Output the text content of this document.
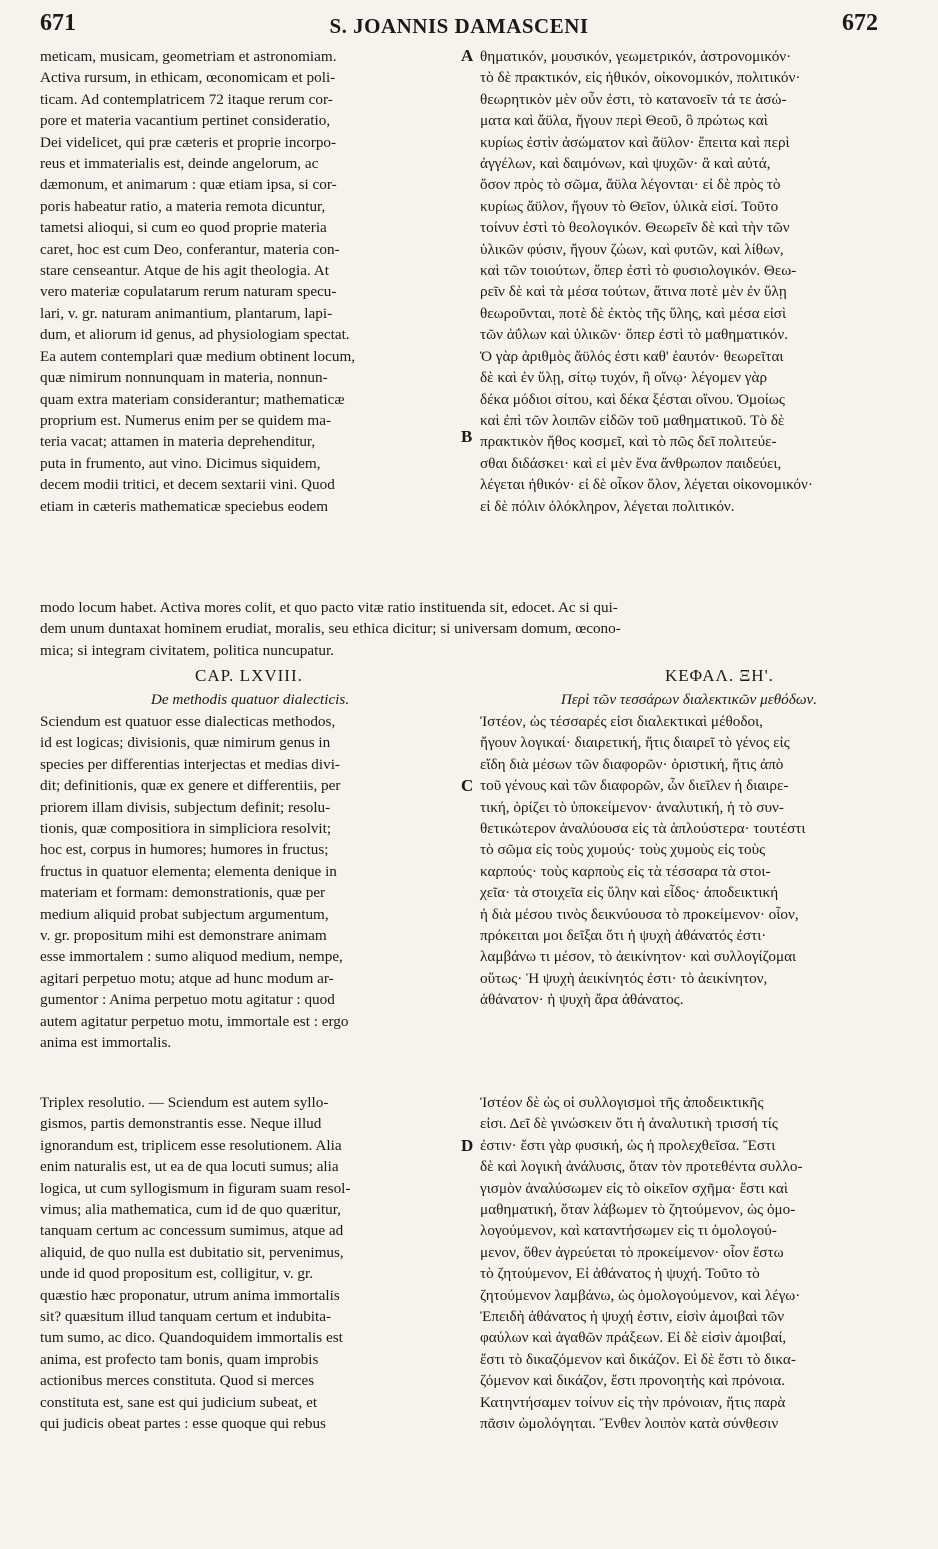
671	S. JOANNIS DAMASCENI	672
meticam, musicam, geometriam et astronomiam.
Activa rursum, in ethicam, œconomicam et poli-
ticam. Ad contemplatricem 72 itaque rerum cor-
pore et materia vacantium pertinet consideratio,
Dei videlicet, qui præ cæteris et proprie incorpo-
reus et immaterialis est, deinde angelorum, ac
dæmonum, et animarum : quæ etiam ipsa, si cor-
poris habeatur ratio, a materia remota dicuntur,
tametsi alioqui, si cum eo quod proprie materia
caret, hoc est cum Deo, conferantur, materia con-
stare censeantur. Atque de his agit theologia. At
vero materiæ copulatarum rerum naturam specu-
lari, v. gr. naturam animantium, plantarum, lapi-
dum, et aliorum id genus, ad physiologiam spectat.
Ea autem contemplari quæ medium obtinent locum,
quæ nimirum nonnunquam in materia, nonnun-
quam extra materiam considerantur; mathematicæ
proprium est. Numerus enim per se quidem ma-
teria vacat; attamen in materia deprehenditur,
puta in frumento, aut vino. Dicimus siquidem,
decem modii tritici, et decem sextarii vini. Quod
etiam in cæteris mathematicæ speciebus eodem
A θηματικόν, μουσικόν, γεωμετρικόν, ἀστρονομικόν·
τὸ δὲ πρακτικόν, εἰς ἠθικόν, οἰκονομικόν, πολιτικόν·
θεωρητικὸν μὲν οὖν ἐστι, τὸ κατανοεῖν τά τε ἀσώ-
ματα καὶ ἄϋλα, ἤγουν περὶ Θεοῦ, ὃ πρώτως καὶ
κυρίως ἐστὶν ἀσώματον καὶ ἄϋλον· ἔπειτα καὶ περὶ
ἀγγέλων, καὶ δαιμόνων, καὶ ψυχῶν· ἃ καὶ αὐτά,
ὅσον πρὸς τὸ σῶμα, ἄϋλα λέγονται· εἰ δὲ πρὸς τὸ
κυρίως ἄϋλον, ἤγουν τὸ Θεῖον, ὑλικὰ εἰσί. Τοῦτο
τοίνυν ἐστὶ τὸ θεολογικόν. Θεωρεῖν δὲ καὶ τὴν τῶν
ὑλικῶν φύσιν, ἤγουν ζώων, καὶ φυτῶν, καὶ λίθων,
καὶ τῶν τοιούτων, ὅπερ ἐστὶ τὸ φυσιολογικόν. Θεω-
ρεῖν δὲ καὶ τὰ μέσα τούτων, ἅτινα ποτὲ μὲν ἐν ὕλῃ
θεωροῦνται, ποτὲ δὲ ἐκτὸς τῆς ὕλης, καὶ μέσα εἰσὶ
τῶν ἀΰλων καὶ ὑλικῶν· ὅπερ ἐστὶ τὸ μαθηματικόν.
Ὁ γὰρ ἀριθμὸς ἄϋλός ἐστι καθ' ἑαυτόν· θεωρεῖται
δὲ καὶ ἐν ὕλῃ, σίτῳ τυχόν, ἢ οἴνῳ· λέγομεν γὰρ
δέκα μόδιοι σίτου, καὶ δέκα ξέσται οἴνου. Ὁμοίως
καὶ ἐπὶ τῶν λοιπῶν εἰδῶν τοῦ μαθηματικοῦ. Τὸ δὲ
πρακτικὸν ἤθος κοσμεῖ, καὶ τὸ πῶς δεῖ πολιτεύε-
σθαι διδάσκει· καὶ εἰ μὲν ἕνα ἄνθρωπον παιδεύει,
λέγεται ἠθικόν· εἰ δὲ οἶκον ὅλον, λέγεται οἰκονομικόν·
εἰ δὲ πόλιν ὁλόκληρον, λέγεται πολιτικόν.
B
modo locum habet. Activa mores colit, et quo pacto vitæ ratio instituenda sit, edocet. Ac si qui-
dem unum duntaxat hominem erudiat, moralis, seu ethica dicitur; si universam domum, œcono-
mica; si integram civitatem, politica nuncupatur.
CAP. LXVIII.	ΚΕΦΑΛ. ΞΗ'.
De methodis quatuor dialecticis.	Περὶ τῶν τεσσάρων διαλεκτικῶν μεθόδων.
Sciendum est quatuor esse dialecticas methodos,
id est logicas; divisionis, quæ nimirum genus in
species per differentias interjectas et medias divi-
dit; definitionis, quæ ex genere et differentiis, per
priorem illam divisis, subjectum definit; resolu-
tionis, quæ compositiora in simpliciora resolvit;
hoc est, corpus in humores; humores in fructus;
fructus in quatuor elementa; elementa denique in
materiam et formam: demonstrationis, quæ per
medium aliquid probat subjectum argumentum,
v. gr. propositum mihi est demonstrare animam
esse immortalem : sumo aliquod medium, nempe,
agitari perpetuo motu; atque ad hunc modum ar-
gumentor : Anima perpetuo motu agitatur : quod
autem agitatur perpetuo motu, immortale est : ergo
anima est immortalis.
C
Ἰστέον, ὡς τέσσαρές εἰσι διαλεκτικαὶ μέθοδοι,
ἤγουν λογικαί· διαιρετική, ἥτις διαιρεῖ τὸ γένος εἰς
εἴδη διὰ μέσων τῶν διαφορῶν· ὁριστική, ἥτις ἀπὸ
τοῦ γένους καὶ τῶν διαφορῶν, ὧν διεῖλεν ἡ διαιρε-
τική, ὁρίζει τὸ ὑποκείμενον· ἀναλυτική, ἡ τὸ συν-
θετικώτερον ἀναλύουσα εἰς τὰ ἁπλούστερα· τουτέστι
τὸ σῶμα εἰς τοὺς χυμούς· τοὺς χυμοὺς εἰς τοὺς
καρπούς· τοὺς καρποὺς εἰς τὰ τέσσαρα τὰ στοι-
χεῖα· τὰ στοιχεῖα εἰς ὕλην καὶ εἶδος· ἀποδεικτική
ἡ διὰ μέσου τινὸς δεικνύουσα τὸ προκείμενον· οἷον,
πρόκειται μοι δεῖξαι ὅτι ἡ ψυχὴ ἀθάνατός ἐστι·
λαμβάνω τι μέσον, τὸ ἀεικίνητον· καὶ συλλογίζομαι
οὕτως· Ἡ ψυχὴ ἀεικίνητός ἐστι· τὸ ἀεικίνητον,
ἀθάνατον· ἡ ψυχὴ ἄρα ἀθάνατος.
Triplex resolutio. — Sciendum est autem syllo-
gismos, partis demonstrantis esse. Neque illud
ignorandum est, triplicem esse resolutionem. Alia
enim naturalis est, ut ea de qua locuti sumus; alia
logica, ut cum syllogismum in figuram suam resol-
vimus; alia mathematica, cum id de quo quæritur,
tanquam certum ac concessum sumimus, atque ad
aliquid, de quo nulla est dubitatio sit, pervenimus,
unde id quod propositum est, colligitur, v. gr.
quæstio hæc proponatur, utrum anima immortalis
sit? quæsitum illud tanquam certum et indubita-
tum sumo, ac dico. Quandoquidem immortalis est
anima, est profecto tam bonis, quam improbis
actionibus merces constituta. Quod si merces
constituta est, sane est qui judicium subeat, et
qui judicis obeat partes : esse quoque qui rebus
D
Ἰστέον δὲ ὡς οἱ συλλογισμοὶ τῆς ἀποδεικτικῆς
εἰσι. Δεῖ δὲ γινώσκειν ὅτι ἡ ἀναλυτικὴ τρισσή τίς
ἐστιν· ἔστι γὰρ φυσική, ὡς ἡ προλεχθεῖσα. Ἔστι
δὲ καὶ λογικὴ ἀνάλυσις, ὅταν τὸν προτεθέντα συλλο-
γισμὸν ἀναλύσωμεν εἰς τὸ οἰκεῖον σχῆμα· ἔστι καὶ
μαθηματική, ὅταν λάβωμεν τὸ ζητούμενον, ὡς ὁμο-
λογούμενον, καὶ καταντήσωμεν εἰς τι ὁμολογού-
μενον, ὅθεν ἀγρεύεται τὸ προκείμενον· οἷον ἔστω
τὸ ζητούμενον, Εἰ ἀθάνατος ἡ ψυχή. Τοῦτο τὸ
ζητούμενον λαμβάνω, ὡς ὁμολογούμενον, καὶ λέγω·
Ἐπειδὴ ἀθάνατος ἡ ψυχή ἐστιν, εἰσὶν ἀμοιβαὶ τῶν
φαύλων καὶ ἀγαθῶν πράξεων. Εἰ δὲ εἰσὶν ἀμοιβαί,
ἔστι τὸ δικαζόμενον καὶ δικάζον. Εἰ δὲ ἔστι τὸ δικα-
ζόμενον καὶ δικάζον, ἔστι προνοητὴς καὶ πρόνοια.
Κατηντήσαμεν τοίνυν εἰς τὴν πρόνοιαν, ἥτις παρὰ
πᾶσιν ὡμολόγηται. Ἔνθεν λοιπὸν κατὰ σύνθεσιν
